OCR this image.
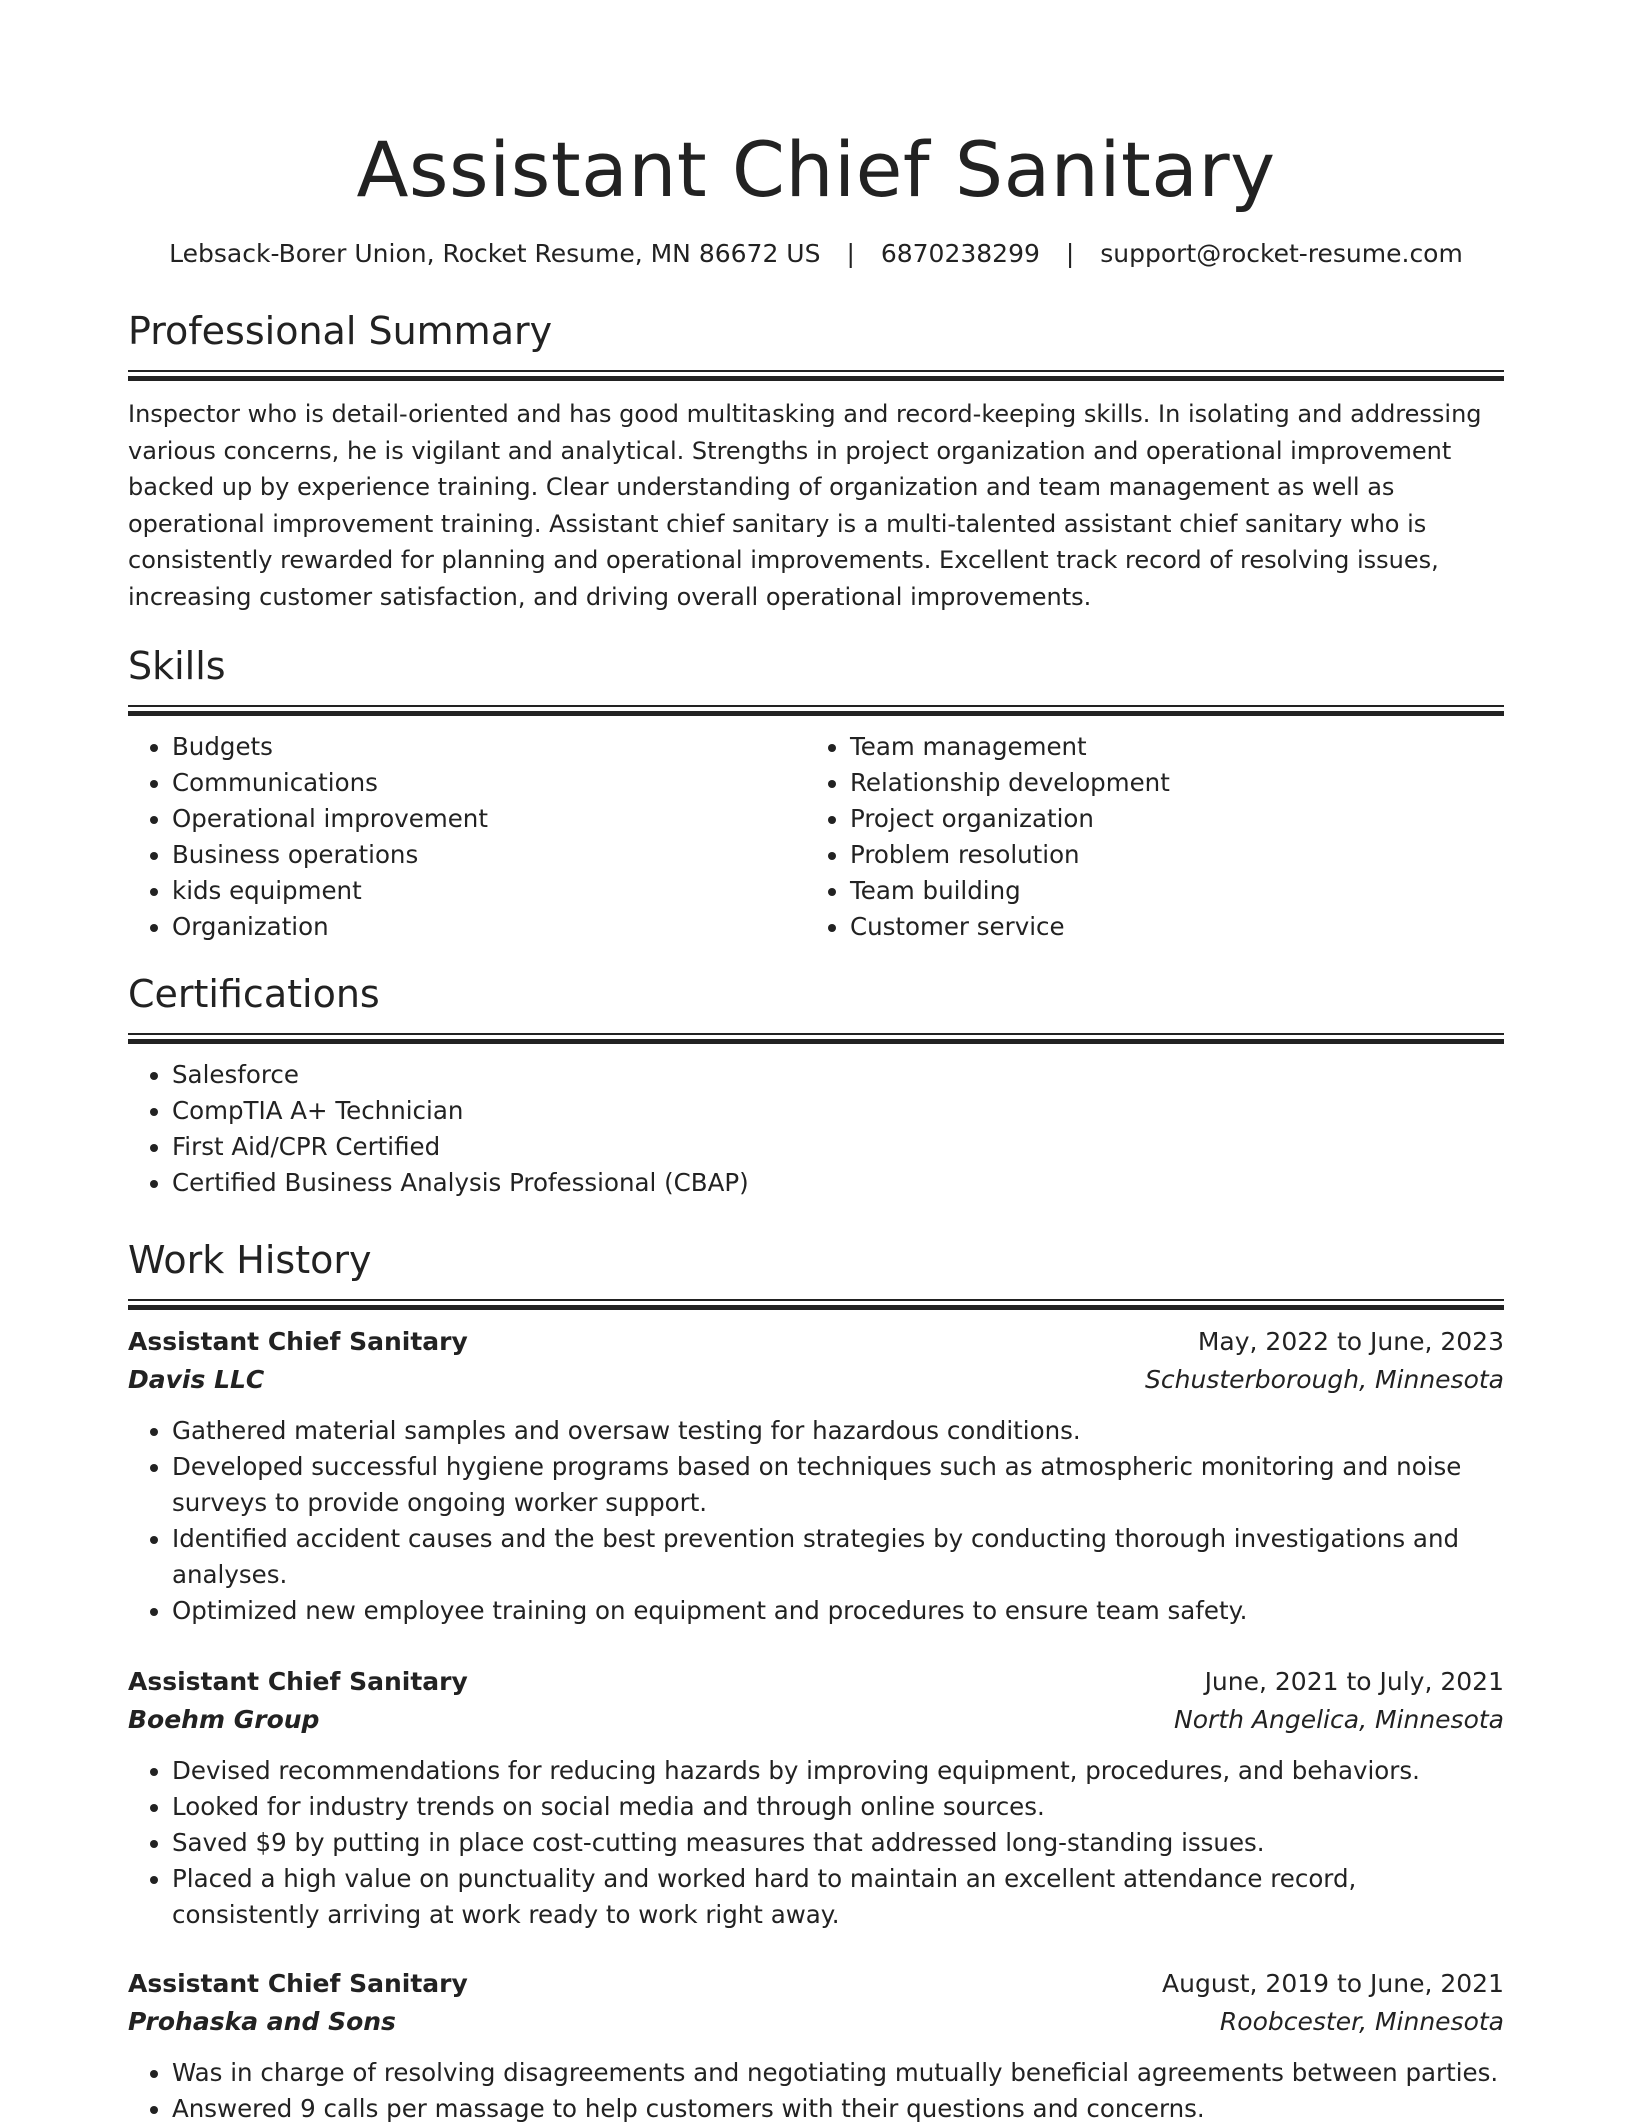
Assistant Chief Sanitary
Lebsack-Borer Union, Rocket Resume, MN 86672 US | 6870238299 | support@rocket-resume.com
Professional Summary
Inspector who is detail-oriented and has good multitasking and record-keeping skills. In isolating and addressing various concerns, he is vigilant and analytical. Strengths in project organization and operational improvement backed up by experience training. Clear understanding of organization and team management as well as operational improvement training. Assistant chief sanitary is a multi-talented assistant chief sanitary who is consistently rewarded for planning and operational improvements. Excellent track record of resolving issues, increasing customer satisfaction, and driving overall operational improvements.
Skills
• Budgets
• Communications
• Operational improvement
• Business operations
• kids equipment
• Organization
• Team management
• Relationship development
• Project organization
• Problem resolution
• Team building
• Customer service
Certifications
• Salesforce
• CompTIA A+ Technician
• First Aid/CPR Certified
• Certified Business Analysis Professional (CBAP)
Work History
Assistant Chief Sanitary	May, 2022 to June, 2023
Davis LLC	Schusterborough, Minnesota
• Gathered material samples and oversaw testing for hazardous conditions.
• Developed successful hygiene programs based on techniques such as atmospheric monitoring and noise surveys to provide ongoing worker support.
• Identified accident causes and the best prevention strategies by conducting thorough investigations and analyses.
• Optimized new employee training on equipment and procedures to ensure team safety.
Assistant Chief Sanitary	June, 2021 to July, 2021
Boehm Group	North Angelica, Minnesota
• Devised recommendations for reducing hazards by improving equipment, procedures, and behaviors.
• Looked for industry trends on social media and through online sources.
• Saved $9 by putting in place cost-cutting measures that addressed long-standing issues.
• Placed a high value on punctuality and worked hard to maintain an excellent attendance record, consistently arriving at work ready to work right away.
Assistant Chief Sanitary	August, 2019 to June, 2021
Prohaska and Sons	Roobcester, Minnesota
• Was in charge of resolving disagreements and negotiating mutually beneficial agreements between parties.
• Answered 9 calls per massage to help customers with their questions and concerns.
